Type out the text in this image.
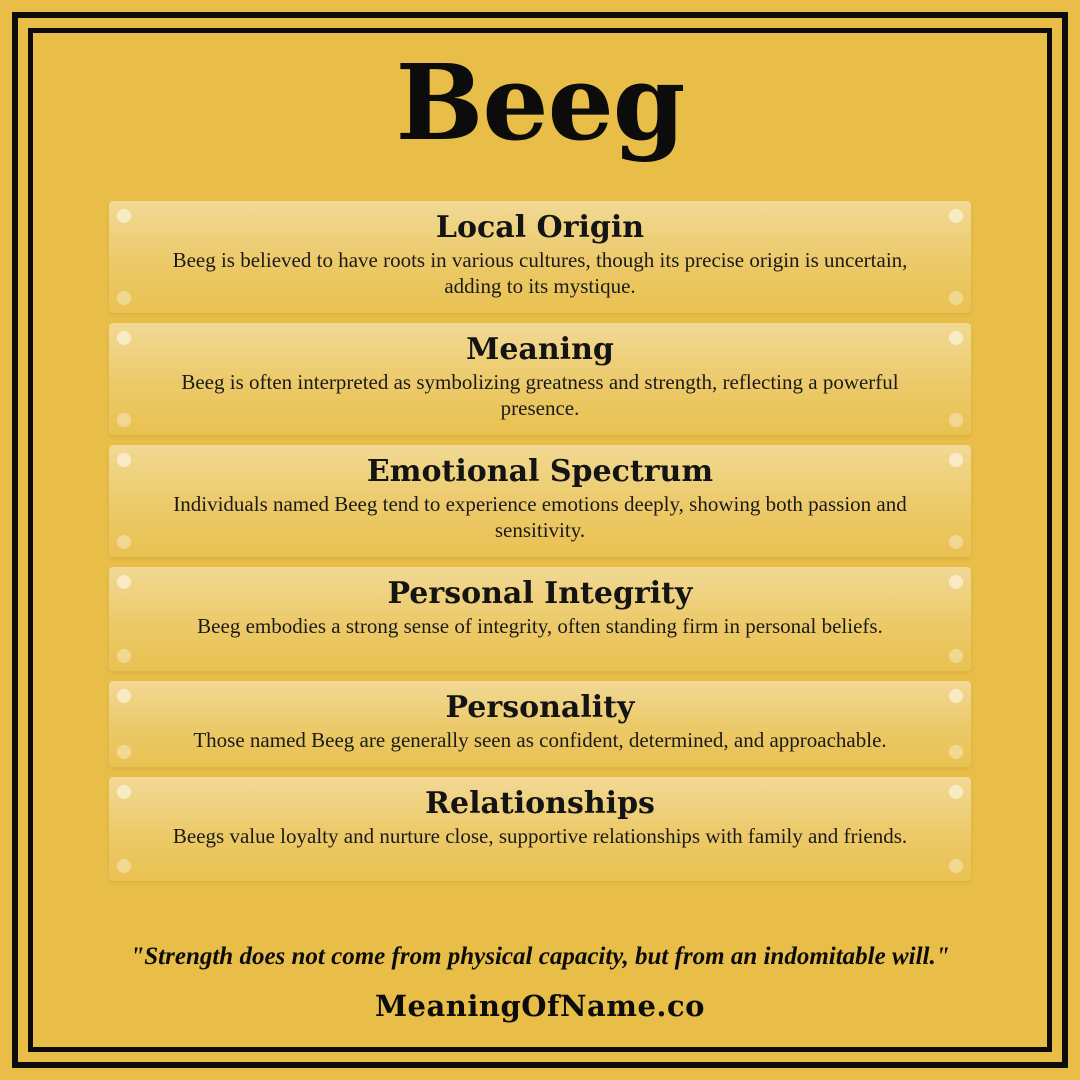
Beeg
Local Origin

Beeg is believed to have roots in various cultures, though its precise origin is uncertain, adding to its mystique.

Meaning

Beeg is often interpreted as symbolizing greatness and strength, reflecting a powerful presence.

Emotional Spectrum

Individuals named Beeg tend to experience emotions deeply, showing both passion and sensitivity.

Personal Integrity

Beeg embodies a strong sense of integrity, often standing firm in personal beliefs.

Personality

Those named Beeg are generally seen as confident, determined, and approachable.

Relationships

Beegs value loyalty and nurture close, supportive relationships with family and friends.

"Strength does not come from physical capacity, but from an indomitable will."
MeaningOfName.co
